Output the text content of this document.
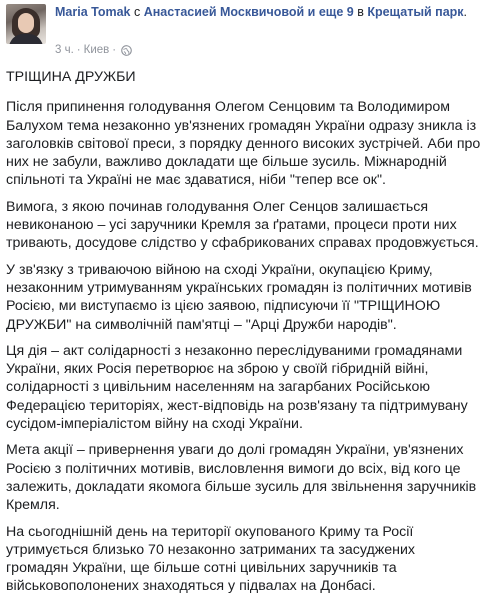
Maria Tomak с Анастасией Москвичовой и еще 9 в Крещатый парк.
3 ч. · Киев ·

ТРІЩИНА ДРУЖБИ

Після припинення голодування Олегом Сенцовим та Володимиром Балухом тема незаконно ув'язнених громадян України одразу зникла із заголовків світової преси, з порядку денного високих зустрічей. Аби про них не забули, важливо докладати ще більше зусиль. Міжнародній спільноті та Україні не має здаватися, ніби "тепер все ок".

Вимога, з якою починав голодування Олег Сенцов залишається невиконаною – усі заручники Кремля за ґратами, процеси проти них тривають, досудове слідство у сфабрикованих справах продовжується.

У зв'язку з триваючою війною на сході України, окупацією Криму, незаконним утримуванням українських громадян із політичних мотивів Росією, ми виступаємо із цією заявою, підписуючи її "ТРІЩИНОЮ ДРУЖБИ" на символічній пам'ятці – "Арці Дружби народів".

Ця дія – акт солідарності з незаконно переслідуваними громадянами України, яких Росія перетворює на зброю у своїй гібридній війні, солідарності з цивільним населенням на загарбаних Російською Федерацією територіях, жест-відповідь на розв'язану та підтримувану сусідом-імперіалістом війну на сході України.

Мета акції – привернення уваги до долі громадян України, ув'язнених Росією з політичних мотивів, висловлення вимоги до всіх, від кого це залежить, докладати якомога більше зусиль для звільнення заручників Кремля.

На сьогоднішній день на території окупованого Криму та Росії утримується близько 70 незаконно затриманих та засуджених громадян України, ще більше сотні цивільних заручників та військовополонених знаходяться у підвалах на Донбасі.
